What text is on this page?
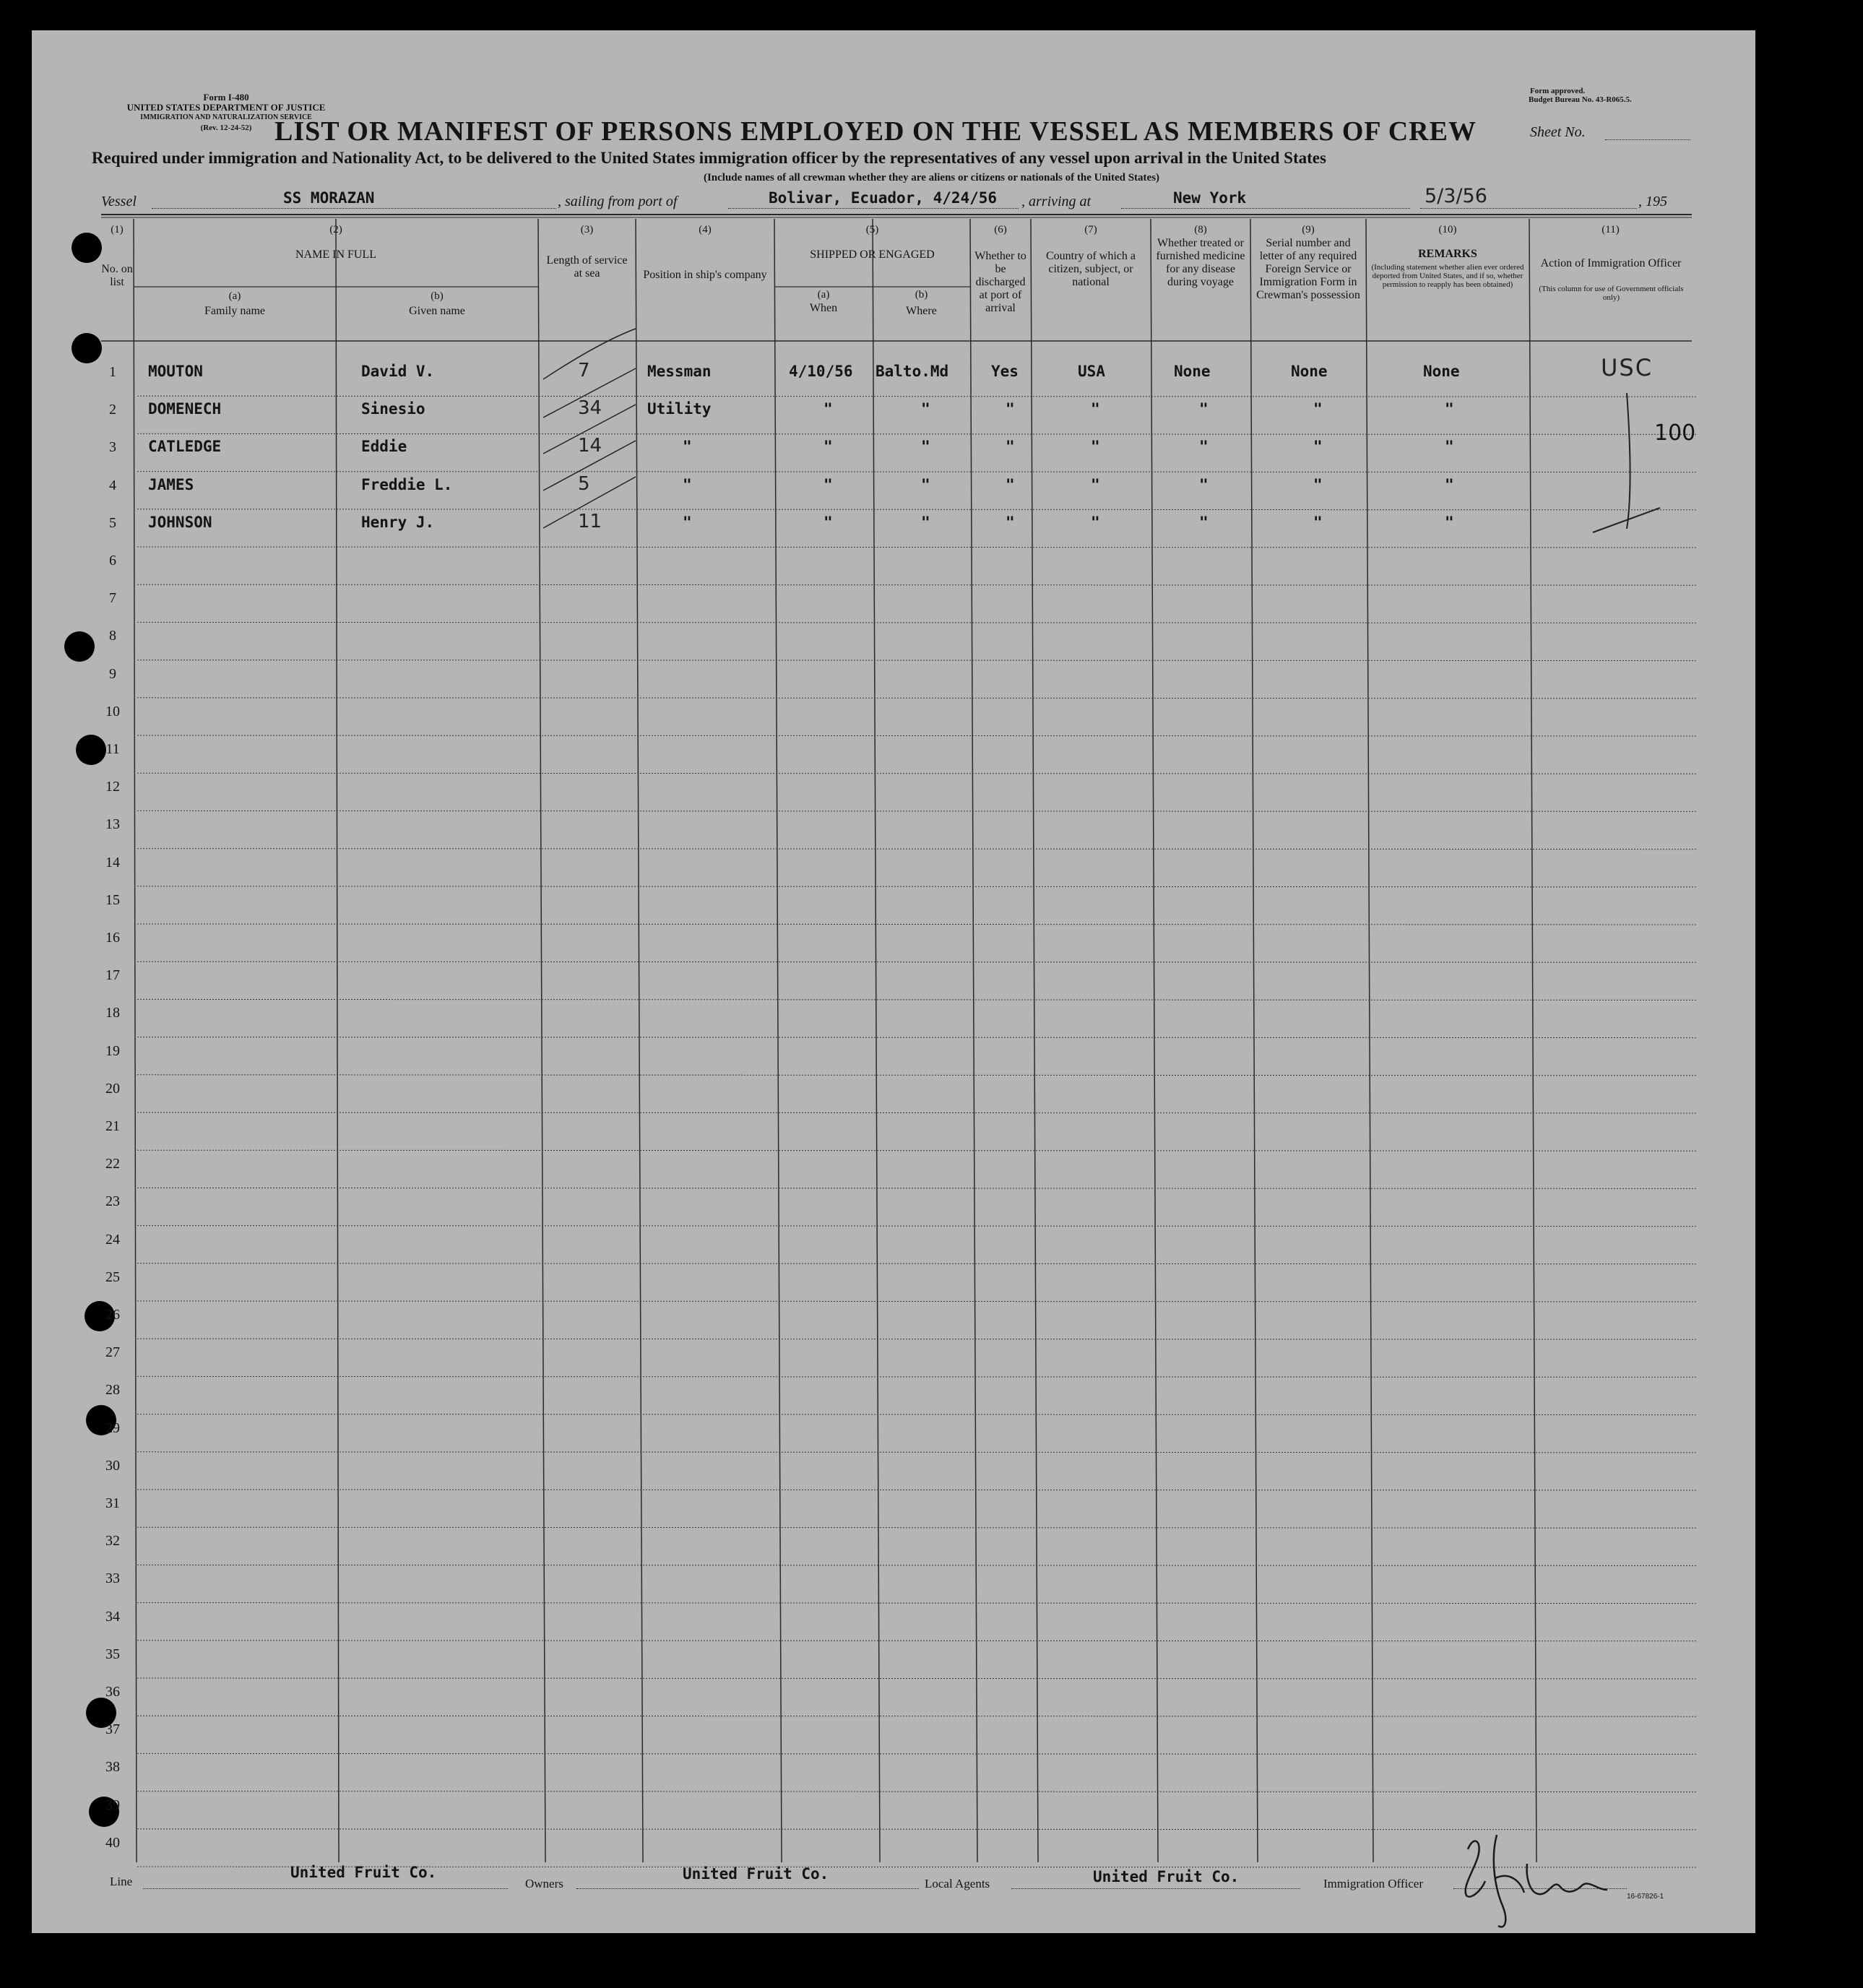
Form I-480
UNITED STATES DEPARTMENT OF JUSTICE
IMMIGRATION AND NATURALIZATION SERVICE
(Rev. 12-24-52)
Form approved.
Budget Bureau No. 43-R065.5.
LIST OR MANIFEST OF PERSONS EMPLOYED ON THE VESSEL AS MEMBERS OF CREW	Sheet No.
Required under immigration and Nationality Act, to be delivered to the United States immigration officer by the representatives of any vessel upon arrival in the United States
(Include names of all crewman whether they are aliens or citizens or nationals of the United States)
Vessel	SS MORAZAN	, sailing from port of	Bolivar, Ecuador, 4/24/56 , arriving at	New York	5/3/56	, 195
(1)
No. on list
(2)
NAME IN FULL
(a)
Family name
(b)
Given name
(3)
Length of service at sea
(4)
Position in ship's company
(5)
SHIPPED OR ENGAGED
(a)
When
(b)
Where
(6)
Whether to be discharged at port of arrival
(7)
Country of which a citizen, subject, or national
(8)
Whether treated or furnished medicine for any disease during voyage
(9)
Serial number and letter of any required Foreign Service or Immigration Form in Crewman's possession
(10)
REMARKS
(Including statement whether alien ever ordered deported from United States, and if so, whether permission to reapply has been obtained)
(11)
Action of Immigration Officer
(This column for use of Government officials only)
1
2
3
4
5
6
7
8
9
10
11
12
13
14
15
16
17
18
19
20
21
22
23
24
25
26
27
28
29
30
31
32
33
34
35
36
37
38
39
40
MOUTON	David V.	7	Messman	4/10/56 Balto.Md	Yes	USA	None	None	None
DOMENECH	Sinesio	34	Utility	"	"	"	"	"	"	"
CATLEDGE	Eddie	14	"	"	"	"	"	"	"	"
JAMES	Freddie L.	5	"	"	"	"	"	"	"	"
JOHNSON	Henry J.	11	"	"	"	"	"	"	"	"
USC
100
Line
United Fruit Co.
Owners
United Fruit Co.
Local Agents	United Fruit Co.	Immigration Officer
16-67826-1
